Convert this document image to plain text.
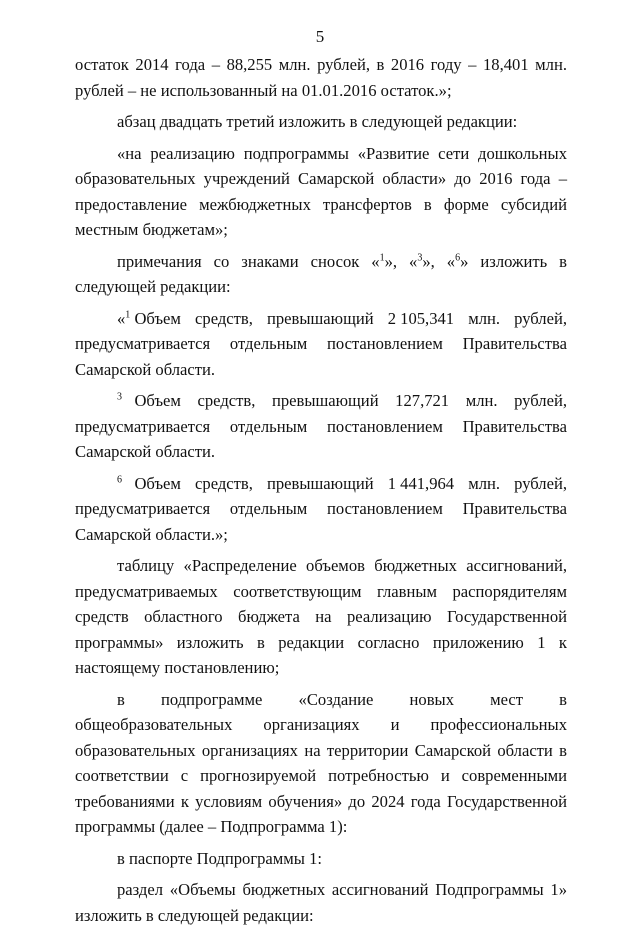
5

остаток 2014 года – 88,255 млн. рублей, в 2016 году – 18,401 млн. рублей – не использованный на 01.01.2016 остаток.»;

абзац двадцать третий изложить в следующей редакции:

«на реализацию подпрограммы «Развитие сети дошкольных образовательных учреждений Самарской области» до 2016 года – предоставление межбюджетных трансфертов в форме субсидий местным бюджетам»;

примечания со знаками сносок «$^1$», «$^3$», «$^6$» изложить в следующей редакции:

«$^1$ Объем средств, превышающий 2 105,341 млн. рублей,
предусматривается отдельным постановлением Правительства Самарской области.
$^3$ Объем средств, превышающий 127,721 млн. рублей,
предусматривается отдельным постановлением Правительства Самарской области.
$^6$ Объем средств, превышающий 1 441,964 млн. рублей,
предусматривается отдельным постановлением Правительства Самарской области.»;

таблицу «Распределение объемов бюджетных ассигнований, предусматриваемых соответствующим главным распорядителям средств областного бюджета на реализацию Государственной программы» изложить в редакции согласно приложению 1 к настоящему постановлению;

в подпрограмме «Создание новых мест в общеобразовательных организациях и профессиональных образовательных организациях на территории Самарской области в соответствии с прогнозируемой потребностью и современными требованиями к условиям обучения» до 2024 года Государственной программы (далее – Подпрограмма 1):

в паспорте Подпрограммы 1:

раздел «Объемы бюджетных ассигнований Подпрограммы 1» изложить в следующей редакции:
